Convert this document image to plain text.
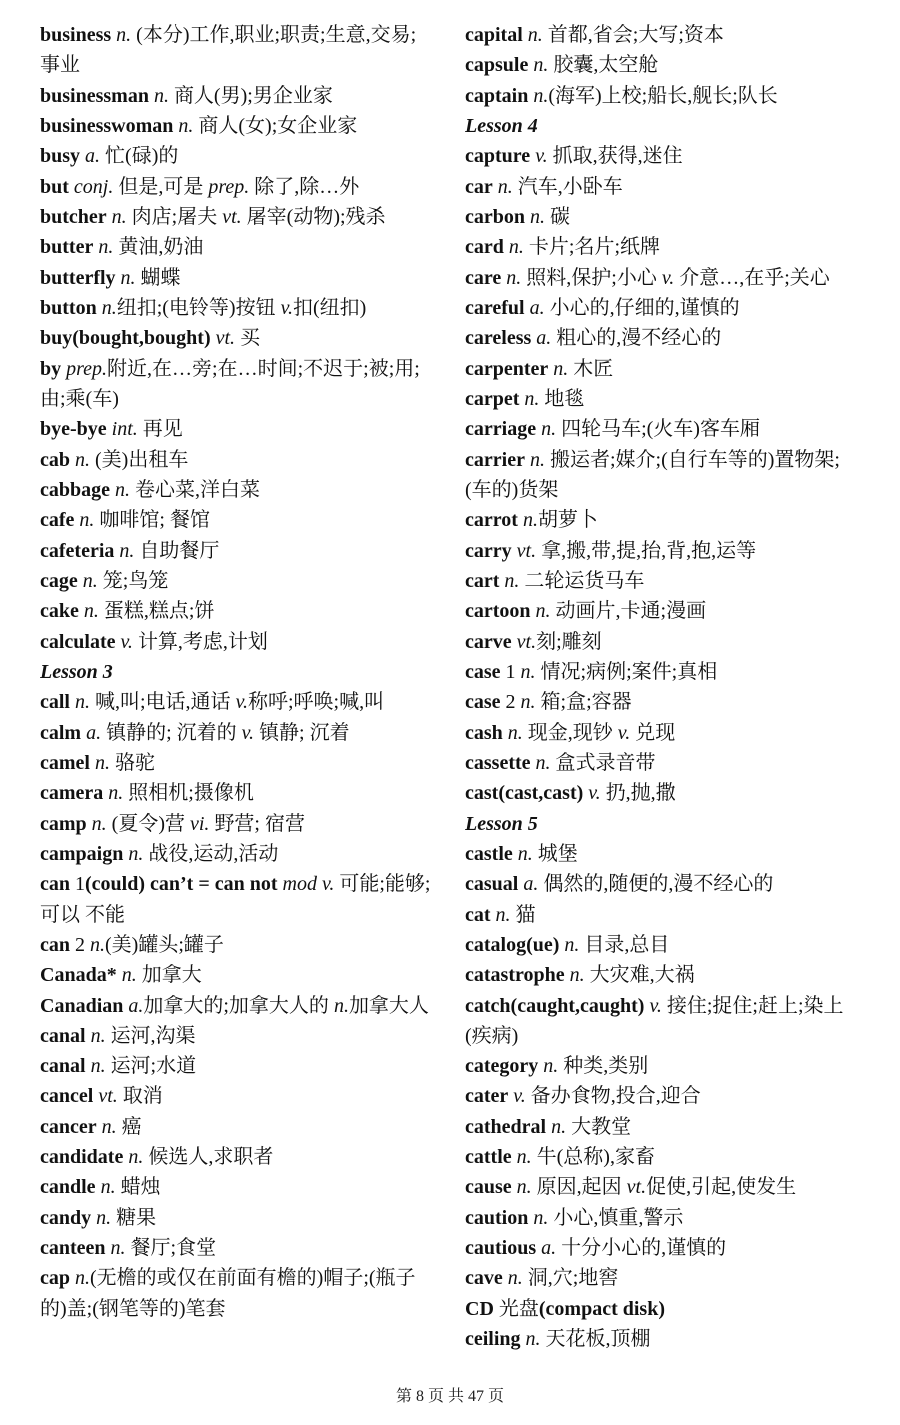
business n. (本分)工作,职业;职责;生意,交易;事业
businessman n. 商人(男);男企业家
businesswoman n. 商人(女);女企业家
busy a. 忙(碌)的
but conj. 但是,可是 prep. 除了,除…外
butcher n. 肉店;屠夫 vt. 屠宰(动物);残杀
butter n. 黄油,奶油
butterfly n. 蝴蝶
button n.纽扣;(电铃等)按钮 v.扣(纽扣)
buy(bought,bought) vt. 买
by prep.附近,在…旁;在…时间;不迟于;被;用;由;乘(车)
bye-bye int. 再见
cab n. (美)出租车
cabbage n. 卷心菜,洋白菜
cafe n. 咖啡馆; 餐馆
cafeteria n. 自助餐厅
cage n. 笼;鸟笼
cake n. 蛋糕,糕点;饼
calculate v. 计算,考虑,计划
Lesson 3
call n. 喊,叫;电话,通话 v.称呼;呼唤;喊,叫
calm a. 镇静的; 沉着的 v. 镇静; 沉着
camel n. 骆驼
camera n. 照相机;摄像机
camp n. (夏令)营 vi. 野营; 宿营
campaign n. 战役,运动,活动
can 1(could) can’t = can not mod v. 可能;能够;可以 不能
can 2 n.(美)罐头;罐子
Canada* n. 加拿大
Canadian a.加拿大的;加拿大人的 n.加拿大人
canal n. 运河,沟渠
canal n. 运河;水道
cancel vt. 取消
cancer n. 癌
candidate n. 候选人,求职者
candle n. 蜡烛
candy n. 糖果
canteen n. 餐厅;食堂
cap n.(无檐的或仅在前面有檐的)帽子;(瓶子的)盖;(钢笔等的)笔套
capital n. 首都,省会;大写;资本
capsule n. 胶囊,太空舱
captain n.(海军)上校;船长,舰长;队长
Lesson 4
capture v. 抓取,获得,迷住
car n. 汽车,小卧车
carbon n. 碳
card n. 卡片;名片;纸牌
care n. 照料,保护;小心 v. 介意…,在乎;关心
careful a. 小心的,仔细的,谨慎的
careless a. 粗心的,漫不经心的
carpenter n. 木匠
carpet n. 地毯
carriage n. 四轮马车;(火车)客车厢
carrier n. 搬运者;媒介;(自行车等的)置物架;(车的)货架
carrot n.胡萝卜
carry vt. 拿,搬,带,提,抬,背,抱,运等
cart n. 二轮运货马车
cartoon n. 动画片,卡通;漫画
carve vt.刻;雕刻
case 1 n. 情况;病例;案件;真相
case 2 n. 箱;盒;容器
cash n. 现金,现钞 v. 兑现
cassette n. 盒式录音带
cast(cast,cast) v. 扔,抛,撒
Lesson 5
castle n. 城堡
casual a. 偶然的,随便的,漫不经心的
cat n. 猫
catalog(ue) n. 目录,总目
catastrophe n. 大灾难,大祸
catch(caught,caught) v. 接住;捉住;赶上;染上(疾病)
category n. 种类,类别
cater v. 备办食物,投合,迎合
cathedral n. 大教堂
cattle n. 牛(总称),家畜
cause n. 原因,起因 vt.促使,引起,使发生
caution n. 小心,慎重,警示
cautious a. 十分小心的,谨慎的
cave n. 洞,穴;地窖
CD 光盘(compact disk)
ceiling n. 天花板,顶棚
第 8 页 共 47 页
